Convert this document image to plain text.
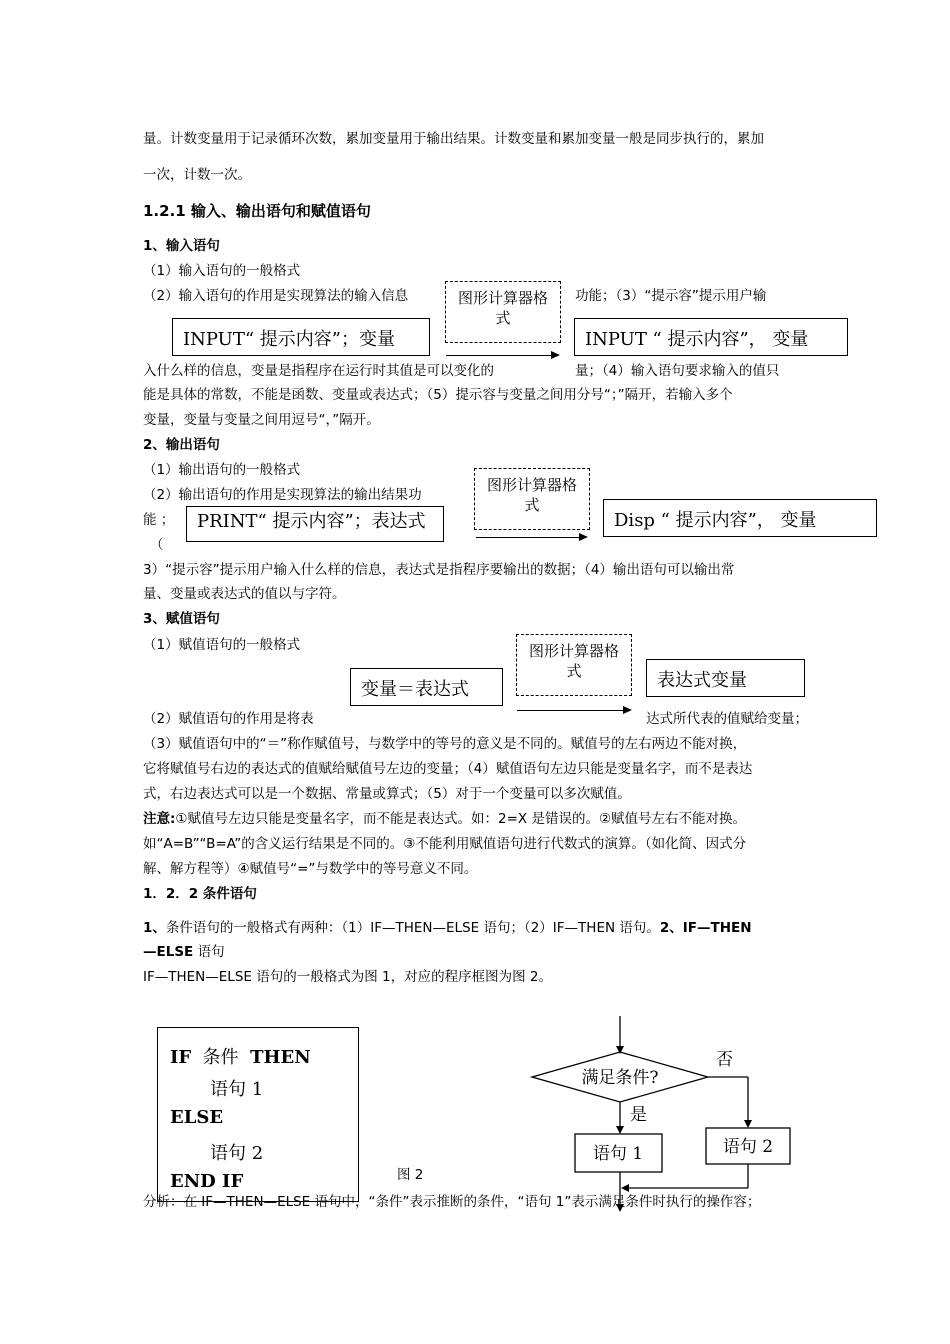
量。计数变量用于记录循环次数，累加变量用于输出结果。计数变量和累加变量一般是同步执行的，累加
一次，计数一次。
1.2.1 输入、输出语句和赋值语句
1、输入语句
（1）输入语句的一般格式
（2）输入语句的作用是实现算法的输入信息	功能；（3）“提示容”提示用户输
INPUT“ 提示内容”；变量
图形计算器格式
INPUT “ 提示内容”， 变量
入什么样的信息，变量是指程序在运行时其值是可以变化的	量；（4）输入语句要求输入的值只
能是具体的常数，不能是函数、变量或表达式；（5）提示容与变量之间用分号“；”隔开，若输入多个
变量，变量与变量之间用逗号“，”隔开。
2、输出语句
（1）输出语句的一般格式
（2）输出语句的作用是实现算法的输出结果功
能 ；
（
PRINT“ 提示内容”；表达式
图形计算器格式
Disp “ 提示内容”， 变量
3）“提示容”提示用户输入什么样的信息，表达式是指程序要输出的数据；（4）输出语句可以输出常
量、变量或表达式的值以与字符。
3、赋值语句
（1）赋值语句的一般格式
变量＝表达式
图形计算器格式	表达式变量
（2）赋值语句的作用是将表	达式所代表的值赋给变量；
（3）赋值语句中的“＝”称作赋值号，与数学中的等号的意义是不同的。赋值号的左右两边不能对换，
它将赋值号右边的表达式的值赋给赋值号左边的变量；（4）赋值语句左边只能是变量名字，而不是表达
式，右边表达式可以是一个数据、常量或算式；（5）对于一个变量可以多次赋值。
注意:①赋值号左边只能是变量名字，而不能是表达式。如：2=X 是错误的。②赋值号左右不能对换。
如“A=B”“B=A”的含义运行结果是不同的。③不能利用赋值语句进行代数式的演算。（如化简、因式分
解、解方程等）④赋值号“=”与数学中的等号意义不同。
1．2．2 条件语句
1、条件语句的一般格式有两种：（1）IF—THEN—ELSE 语句；（2）IF—THEN 语句。2、IF—THEN
—ELSE 语句
IF—THEN—ELSE 语句的一般格式为图 1，对应的程序框图为图 2。
IF 条件 THEN
语句 1
ELSE
语句 2
END IF
满足条件?
否
是
语句 1	语句 2
图 2
分析：在 IF—THEN—ELSE 语句中，“条件”表示推断的条件，“语句 1”表示满足条件时执行的操作容；
